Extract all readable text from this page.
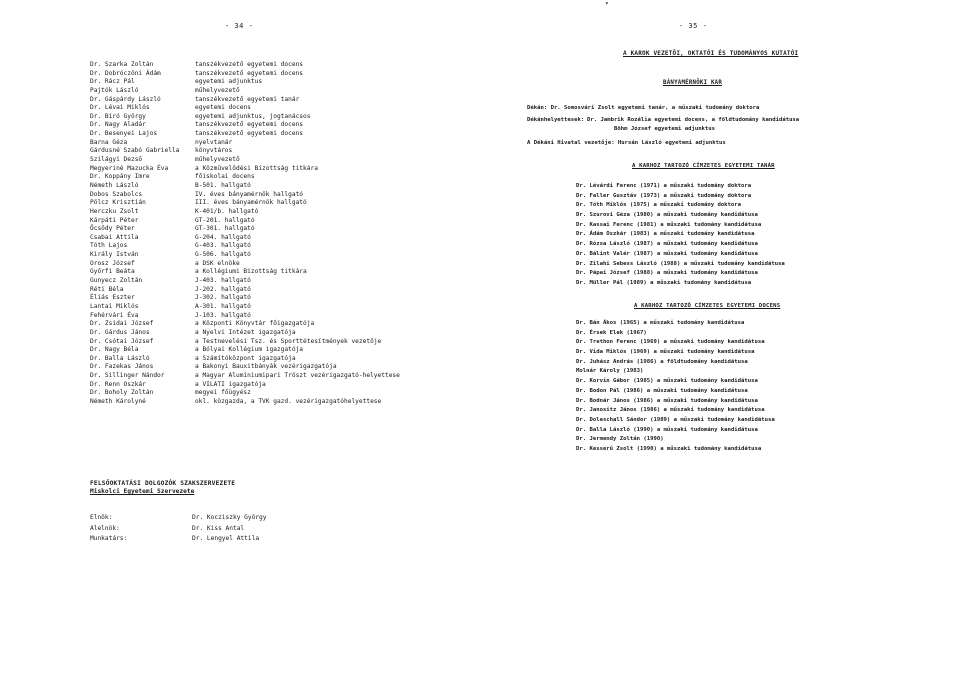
▾
- 34 -	- 35 -
Dr. Szarka Zoltán	tanszékvezető egyetemi docens
Dr. Dobróczöni Ádám	tanszékvezető egyetemi docens
Dr. Rácz Pál	egyetemi adjunktus
Pajtók László	műhelyvezető
Dr. Gáspárdy László	tanszékvezető egyetemi tanár
Dr. Lévai Miklós	egyetemi docens
Dr. Bíró György	egyetemi adjunktus, jogtanácsos
Dr. Nagy Aladár	tanszékvezető egyetemi docens
Dr. Besenyei Lajos	tanszékvezető egyetemi docens
Barna Géza	nyelvtanár
Gárdusné Szabó Gabriella	könyvtáros
Szilágyi Dezső	műhelyvezető
Megyeriné Mazucka Éva	a Közművelődési Bizottság titkára
Dr. Koppány Imre	főiskolai docens
Németh László	B-501. hallgató
Dobos Szabolcs	IV. éves bányamérnök hallgató
Pölcz Krisztián	III. éves bányamérnök hallgató
Herczku Zsolt	K-401/b. hallgató
Kárpáti Péter	GT-201. hallgató
Öcsödy Péter	GT-301. hallgató
Csabai Attila	G-204. hallgató
Tóth Lajos	G-403. hallgató
Király István	G-506. hallgató
Orosz József	a DSK elnöke
Győrfi Beáta	a Kollégiumi Bizottság titkára
Gunyecz Zoltán	J-403. hallgató
Réti Béla	J-202. hallgató
Éliás Eszter	J-302. hallgató
Lantai Miklós	A-301. hallgató
Fehérvári Éva	J-103. hallgató
Dr. Zsidai József	a Központi Könyvtár főigazgatója
Dr. Gárdus János	a Nyelvi Intézet igazgatója
Dr. Csótai József	a Testnevelési Tsz. és Sporttétesítmények vezetője
Dr. Nagy Béla	a Bólyai Kollégium igazgatója
Dr. Balla László	a Számítóközpont igazgatója
Dr. Fazekas János	a Bakonyi Bauxitbányák vezérigazgatója
Dr. Sillinger Nándor	a Magyar Alumíniumipari Tröszt vezérigazgató-helyettese
Dr. Renn Oszkár	a VILATI igazgatója
Dr. Boholy Zoltán	megyei főügyész
Németh Károlyné	okl. közgazda, a TVK gazd. vezérigazgatóhelyettese
FELSŐOKTATÁSI DOLGOZÓK SZAKSZERVEZETE
Miskolci Egyetemi Szervezete
Elnök:	Dr. Kocziszky György
Alelnök:	Dr. Kiss Antal
Munkatárs:	Dr. Lengyel Attila
A KAROK VEZETŐI, OKTATÓI ÉS TUDOMÁNYOS KUTATÓI
BÁNYAMÉRNÖKI KAR
Dékán: Dr. Somosvári Zsolt egyetemi tanár, a műszaki tudomány doktora
Dékánhelyettesek: Dr. Jambrik Rozália egyetemi docens, a földtudomány kandidátusa
Böhm József egyetemi adjunktus
A Dékáni Hivatal vezetője: Hursán László egyetemi adjunktus
A KARHOZ TARTOZÓ CÍMZETES EGYETEMI TANÁR
Dr. Lévárdi Ferenc (1971) a műszaki tudomány doktora
Dr. Faller Gusztáv (1973) a műszaki tudomány doktora
Dr. Tóth Miklós (1975) a műszaki tudomány doktora
Dr. Szurovi Géza (1980) a műszaki tudomány kandidátusa
Dr. Kassai Ferenc (1981) a műszaki tudomány kandidátusa
Dr. Ádám Oszkár (1983) a műszaki tudomány kandidátusa
Dr. Rózsa László (1987) a műszaki tudomány kandidátusa
Dr. Bálint Valér (1987) a műszaki tudomány kandidátusa
Dr. Zilahi Sebess László (1988) a műszaki tudomány kandidátusa
Dr. Pápai József (1988) a műszaki tudomány kandidátusa
Dr. Müller Pál (1989) a műszaki tudomány kandidátusa
A KARHOZ TARTOZÓ CÍMZETES EGYETEMI DOCENS
Dr. Bán Ákos (1965) a műszaki tudomány kandidátusa
Dr. Érsek Elek (1967)
Dr. Trethon Ferenc (1969) a műszaki tudomány kandidátusa
Dr. Vida Miklós (1969) a műszaki tudomány kandidátusa
Dr. Juhász András (1986) a földtudomány kandidátusa
Molnár Károly (1983)
Dr. Korvin Gábor (1985) a műszaki tudomány kandidátusa
Dr. Bodon Pál (1986) a műszaki tudomány kandidátusa
Dr. Bodnár János (1986) a műszaki tudomány kandidátusa
Dr. Janositz János (1986) a műszaki tudomány kandidátusa
Dr. Doleschall Sándor (1989) a műszaki tudomány kandidátusa
Dr. Balla László (1990) a műszaki tudomány kandidátusa
Dr. Jermendy Zoltán (1990)
Dr. Kesserű Zsolt (1990) a műszaki tudomány kandidátusa
